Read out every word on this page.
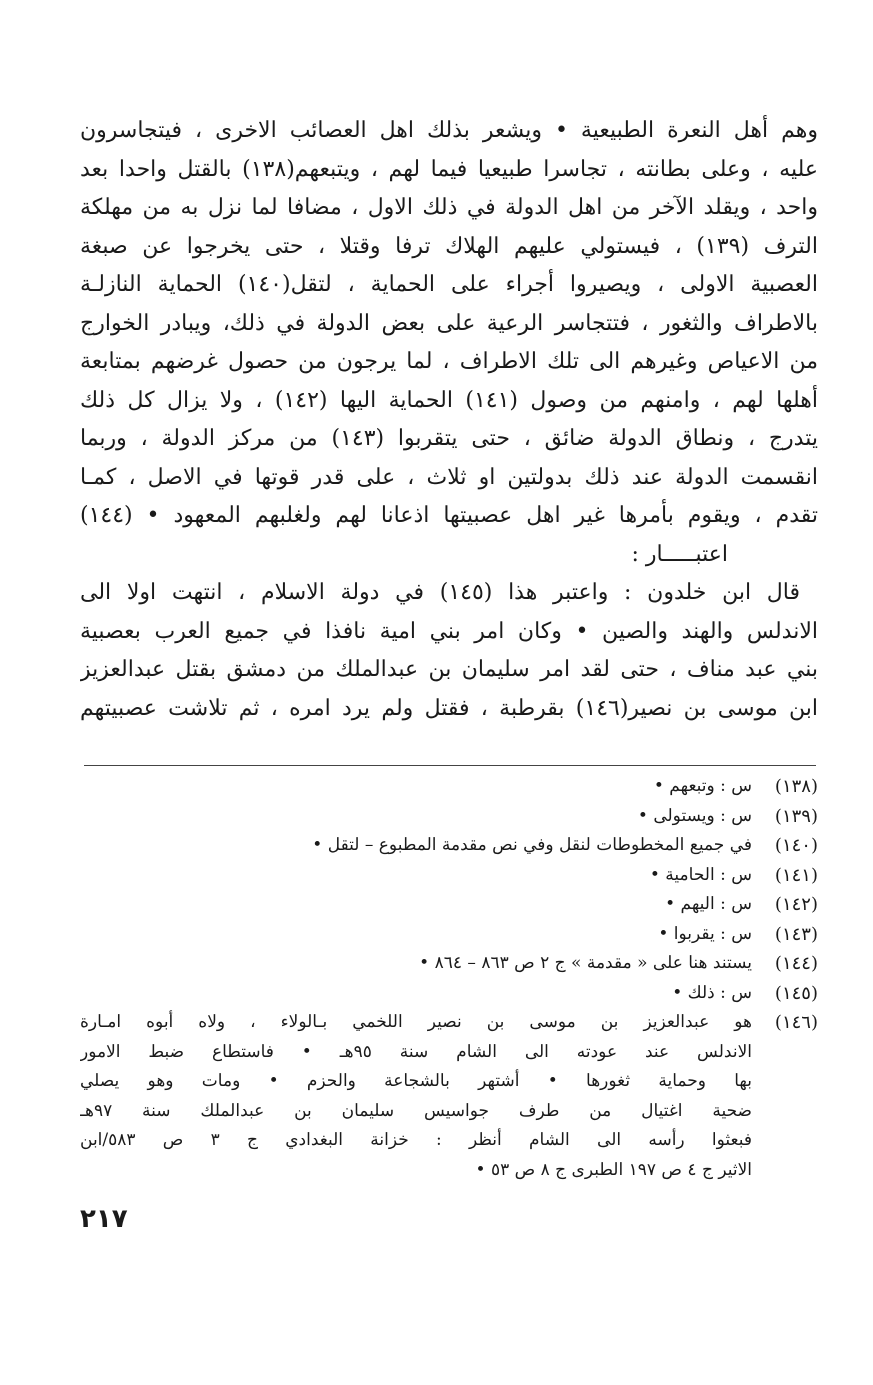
وهم أهل النعرة الطبيعية • ويشعر بذلك اهل العصائب الاخرى ، فيتجاسرون
عليه ، وعلى بطانته ، تجاسرا طبيعيا فيما لهم ، ويتبعهم(١٣٨) بالقتل واحدا بعد
واحد ، ويقلد الآخر من اهل الدولة في ذلك الاول ، مضافا لما نزل به من مهلكة
الترف (١٣٩) ، فيستولي عليهم الهلاك ترفا وقتلا ، حتى يخرجوا عن صبغة
العصبية الاولى ، ويصيروا أجراء على الحماية ، لتقل(١٤٠) الحماية النازلـة
بالاطراف والثغور ، فتتجاسر الرعية على بعض الدولة في ذلك، ويبادر الخوارج
من الاعياص وغيرهم الى تلك الاطراف ، لما يرجون من حصول غرضهم بمتابعة
أهلها لهم ، وامنهم من وصول (١٤١) الحماية اليها (١٤٢) ، ولا يزال كل ذلك
يتدرج ، ونطاق الدولة ضائق ، حتى يتقربوا (١٤٣) من مركز الدولة ، وربما
انقسمت الدولة عند ذلك بدولتين او ثلاث ، على قدر قوتها في الاصل ، كمـا
تقدم ، ويقوم بأمرها غير اهل عصبيتها اذعانا لهم ولغلبهم المعهود • (١٤٤)
اعتبـــــار :
قال ابن خلدون : واعتبر هذا (١٤٥) في دولة الاسلام ، انتهت اولا الى
الاندلس والهند والصين • وكان امر بني امية نافذا في جميع العرب بعصبية
بني عبد مناف ، حتى لقد امر سليمان بن عبدالملك من دمشق بقتل عبدالعزيز
ابن موسى بن نصير(١٤٦) بقرطبة ، فقتل ولم يرد امره ، ثم تلاشت عصبيتهم
(١٣٨)
س : وتبعهم •
(١٣٩)
س : ويستولى •
(١٤٠)
في جميع المخطوطات لنقل وفي نص مقدمة المطبوع – لتقل •
(١٤١)
س : الحامية •
(١٤٢)
س : اليهم •
(١٤٣)
س : يقربوا •
(١٤٤)
يستند هنا على « مقدمة » ج ٢ ص ٨٦٣ – ٨٦٤ •
(١٤٥)
س : ذلك •
(١٤٦)
هو عبدالعزيز بن موسى بن نصير اللخمي بـالولاء ، ولاه أبوه امـارة
الاندلس عند عودته الى الشام سنة ٩٥هـ • فاستطاع ضبط الامور
بها وحماية ثغورها • أشتهر بالشجاعة والحزم • ومات وهو يصلي
ضحية اغتيال من طرف جواسيس سليمان بن عبدالملك سنة ٩٧هـ
فبعثوا رأسه الى الشام أنظر : خزانة البغدادي ج ٣ ص ٥٨٣/ابن
الاثير ج ٤ ص ١٩٧ الطبرى ج ٨ ص ٥٣ •
٢١٧
